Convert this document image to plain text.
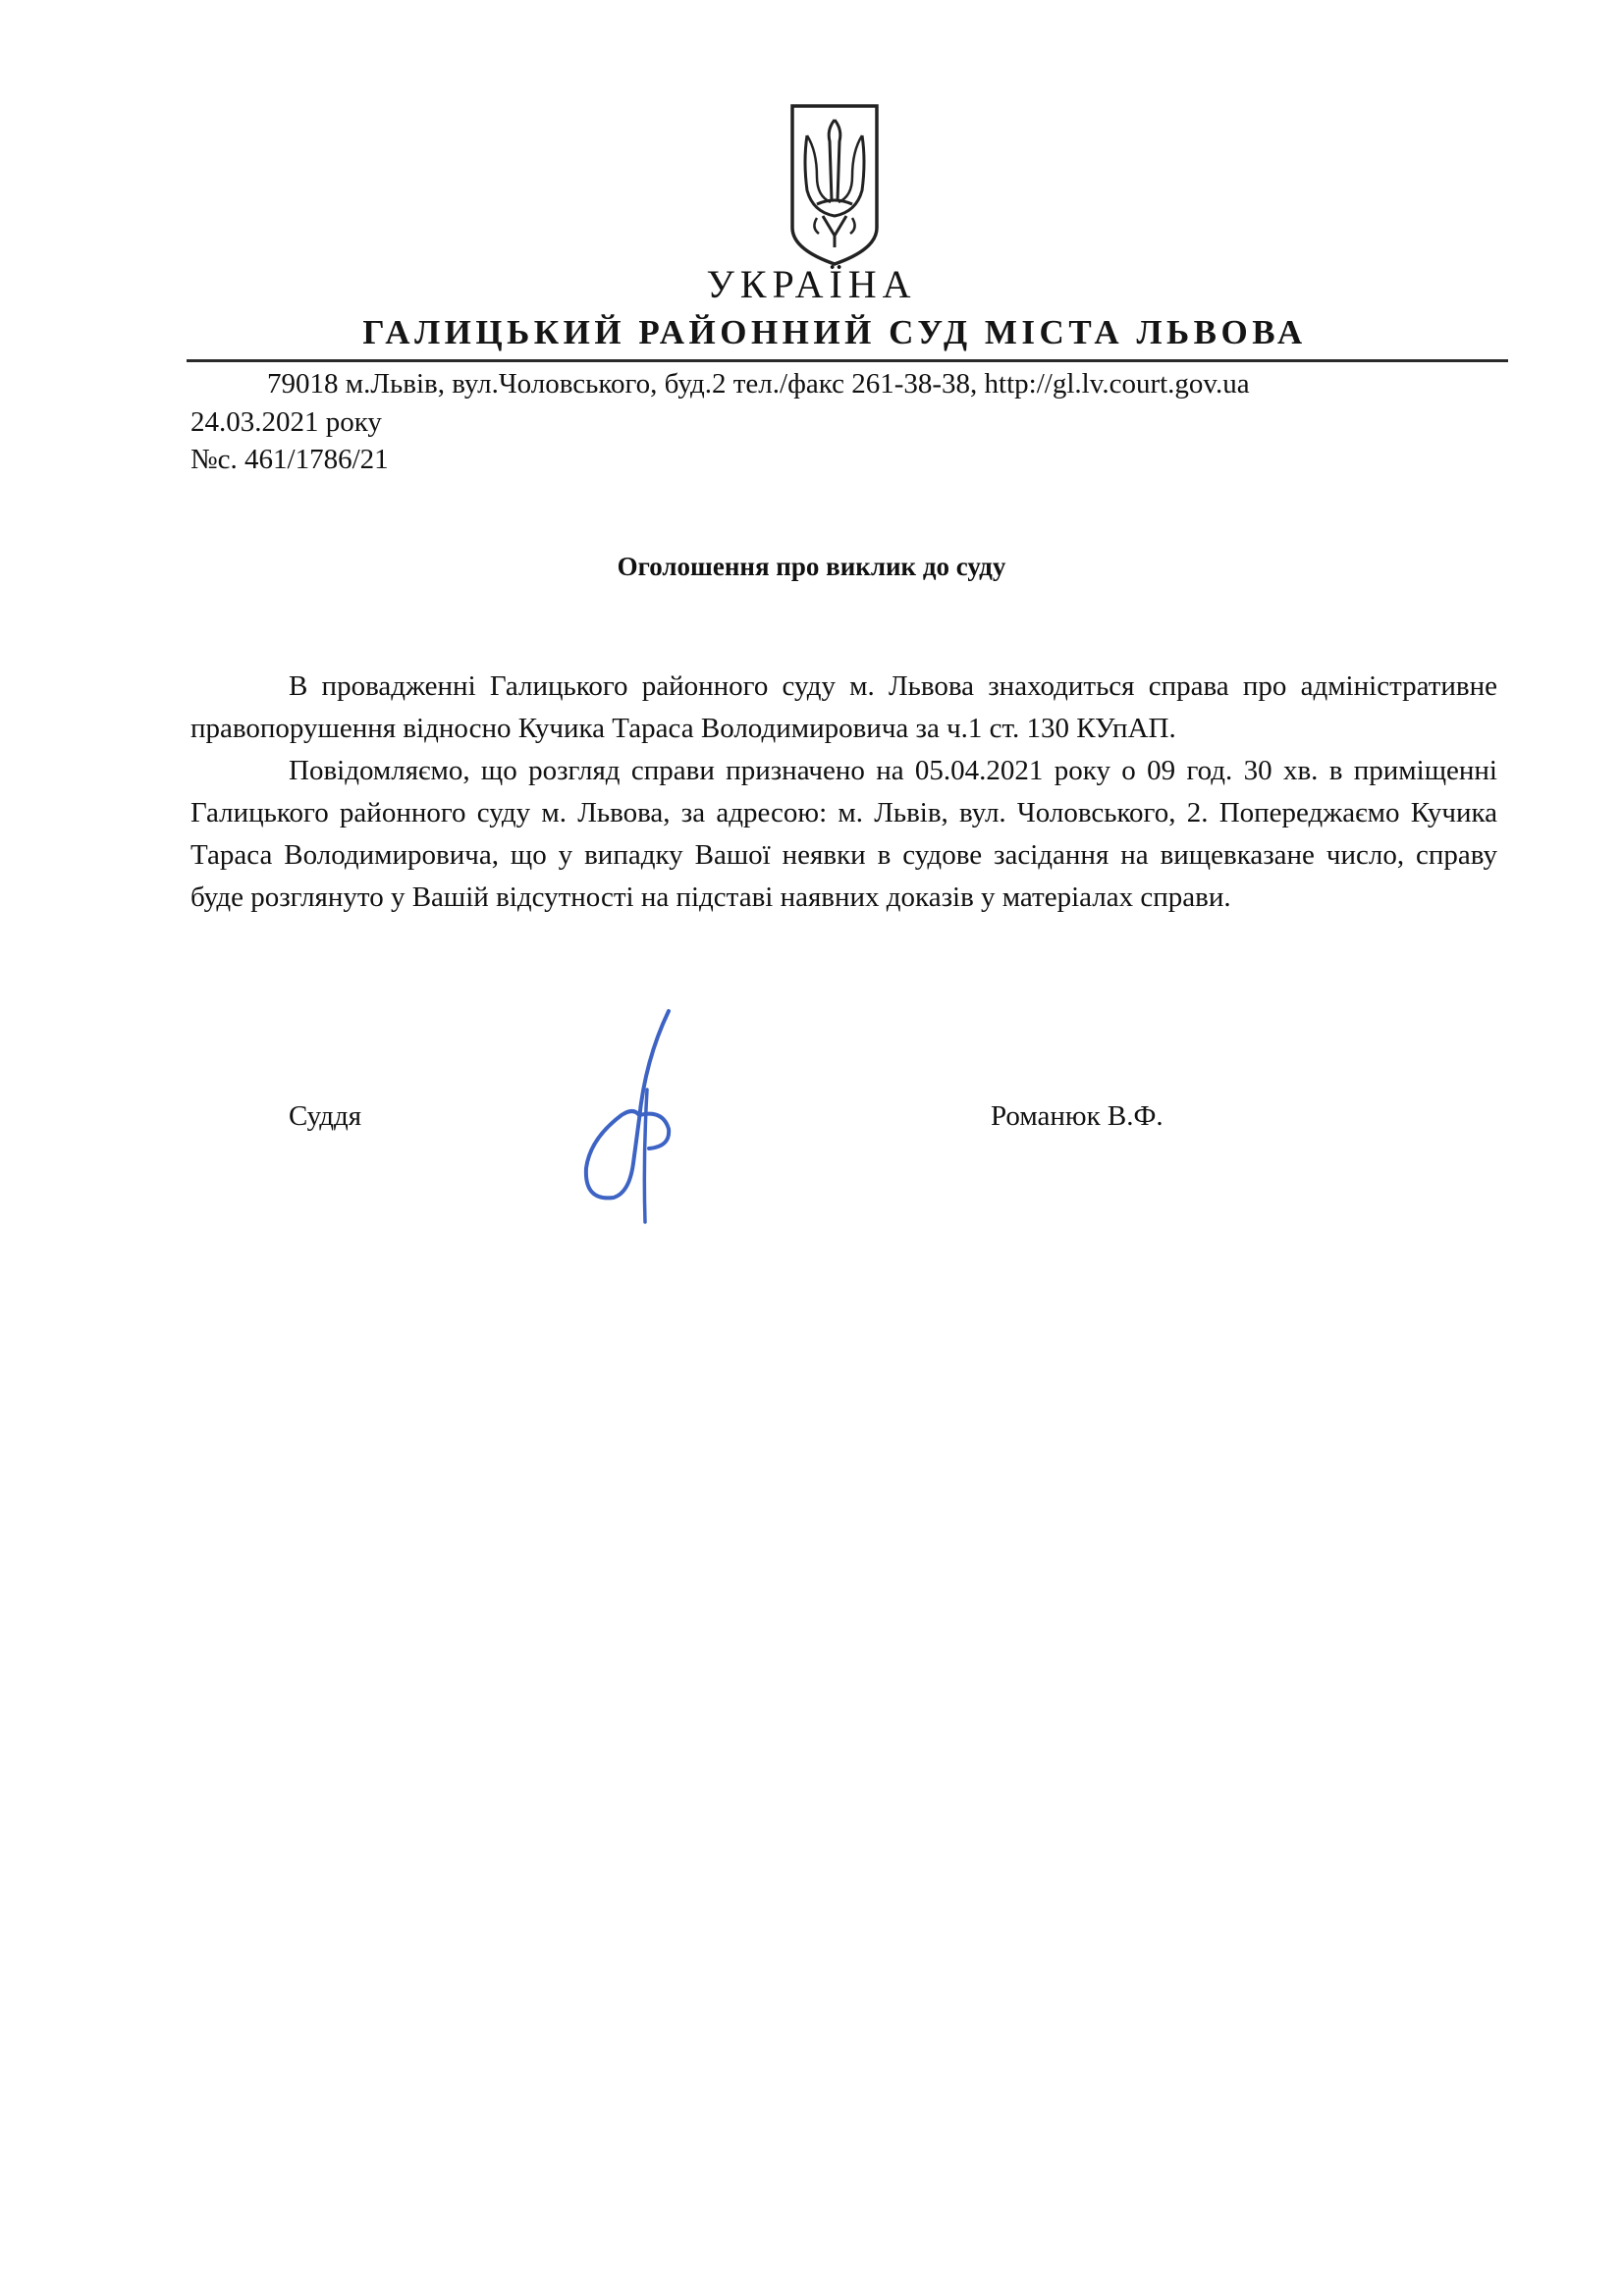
УКРАЇНА
ГАЛИЦЬКИЙ РАЙОННИЙ СУД МІСТА ЛЬВОВА
79018 м.Львів, вул.Чоловського, буд.2 тел./факс 261-38-38, http://gl.lv.court.gov.ua
24.03.2021 року
№с. 461/1786/21
Оголошення про виклик до суду

В провадженні Галицького районного суду м. Львова знаходиться справа про адміністративне правопорушення відносно Кучика Тараса Володимировича за ч.1 ст. 130 КУпАП.

Повідомляємо, що розгляд справи призначено на 05.04.2021 року о 09 год. 30 хв. в приміщенні Галицького районного суду м. Львова, за адресою: м. Львів, вул. Чоловського, 2. Попереджаємо Кучика Тараса Володимировича, що у випадку Вашої неявки в судове засідання на вищевказане число, справу буде розглянуто у Вашій відсутності на підставі наявних доказів у матеріалах справи.

Суддя	Романюк В.Ф.
